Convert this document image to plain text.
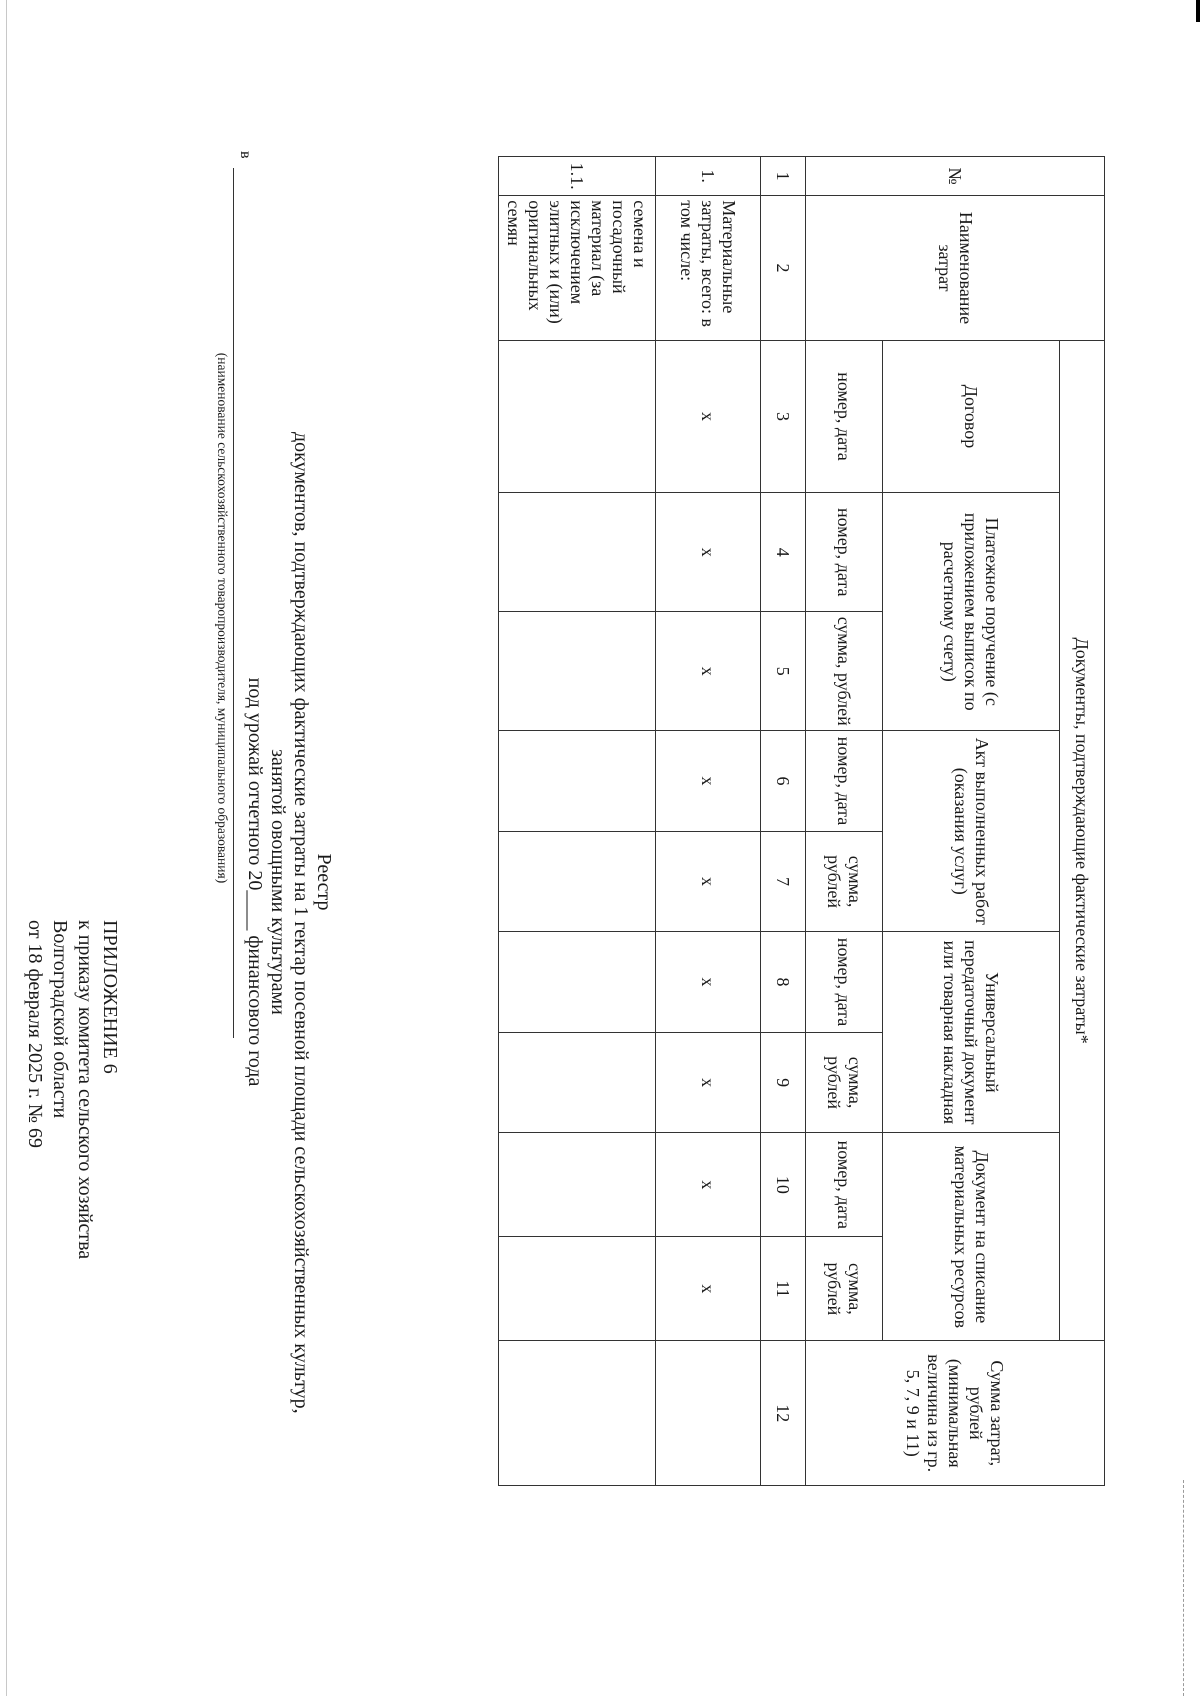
ПРИЛОЖЕНИЕ 6
к приказу комитета сельского хозяйства
Волгоградской области
от 18 февраля 2025 г. № 69
Реестр
документов, подтверждающих фактические затраты на 1 гектар посевной площади сельскохозяйственных культур,
занятой овощными культурами
под урожай отчетного 20____ финансового года
в
(наименование сельскохозяйственного товаропроизводителя, муниципального образования)
№	Наименование затрат	Документы, подтверждающие фактические затраты*									Сумма затрат, рублей (минимальная величина из гр. 5, 7, 9 и 11)
		Договор	Платежное поручение (с приложением выписок по расчетному счету)		Акт выполненных работ (оказания услуг)		Универсальный передаточный документ или товарная накладная		Документ на списание материальных ресурсов		
		номер, дата	номер, дата	сумма, рублей	номер, дата	сумма, рублей	номер, дата	сумма, рублей	номер, дата	сумма, рублей	
1	2	3	4	5	6	7	8	9	10	11	12
1.	Материальные затраты, всего: в том числе:	x	x	x	x	x	x	x	x	x	
1.1.	семена и посадочный материал (за исключением элитных и (или) оригинальных семян										
